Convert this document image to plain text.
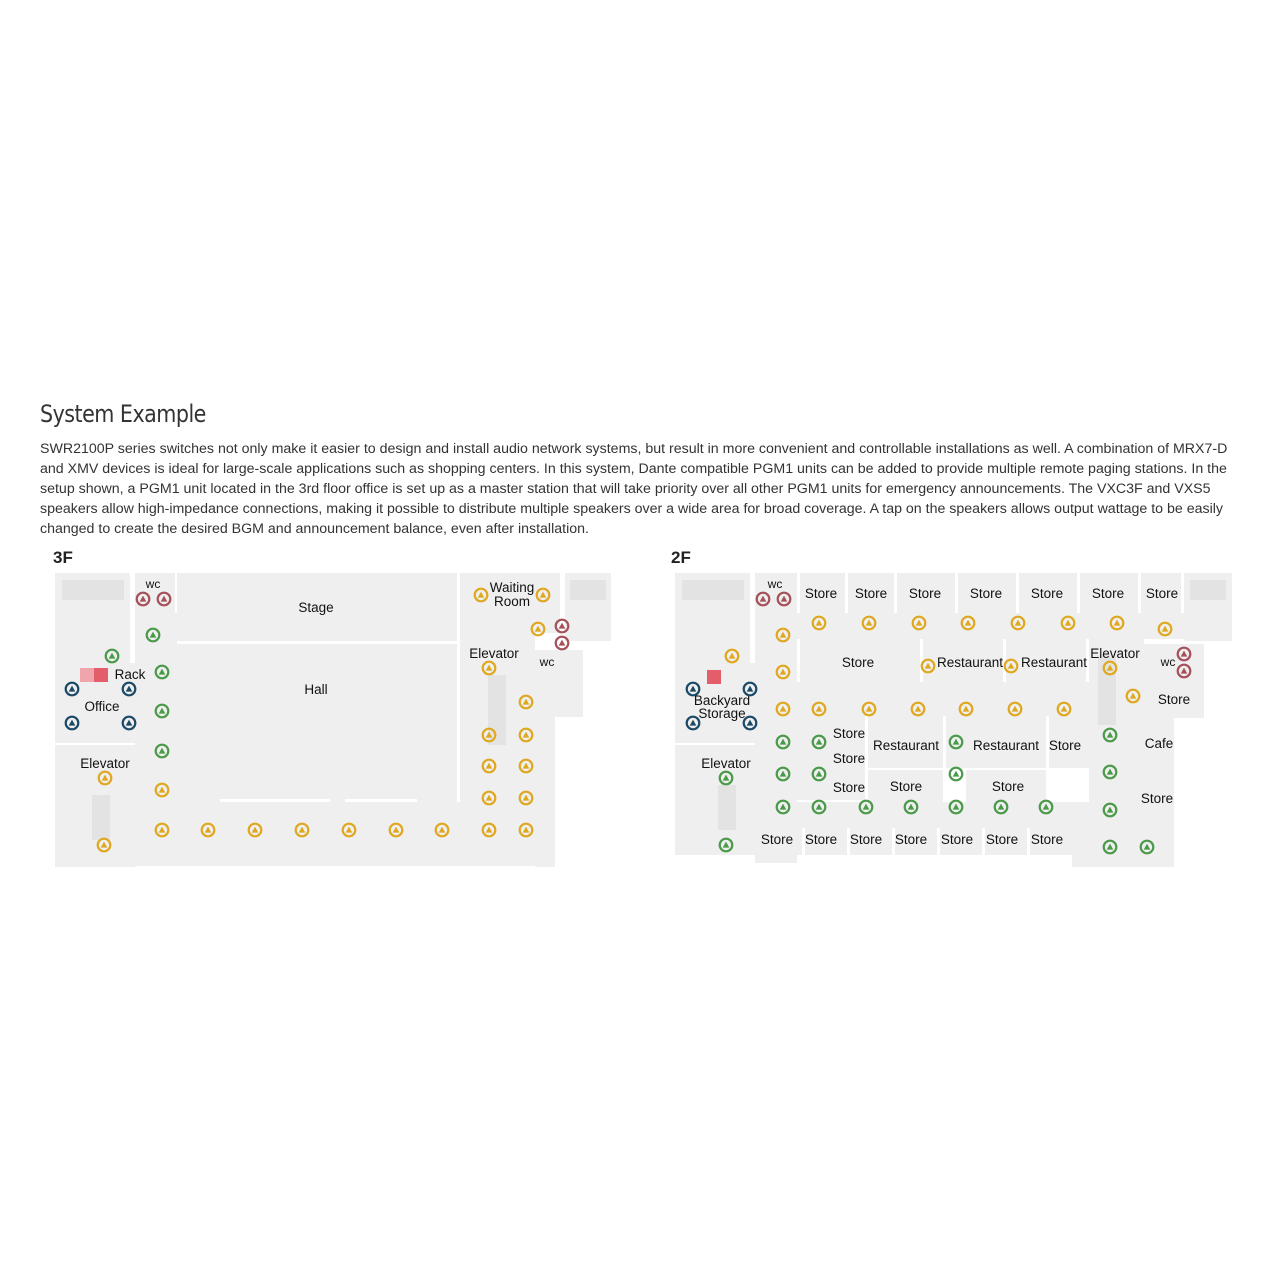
System Example

SWR2100P series switches not only make it easier to design and install audio network systems, but result in more convenient and controllable installations as well. A combination of MRX7-D and XMV devices is ideal for large-scale applications such as shopping centers. In this system, Dante compatible PGM1 units can be added to provide multiple remote paging stations. In the setup shown, a PGM1 unit located in the 3rd floor office is set up as a master station that will take priority over all other PGM1 units for emergency announcements. The VXC3F and VXS5 speakers allow high-impedance connections, making it possible to distribute multiple speakers over a wide area for broad coverage. A tap on the speakers allows output wattage to be easily changed to create the desired BGM and announcement balance, even after installation.

3F
wc
Stage
Waiting
Room
Elevator
wc
Rack
Hall
Office
Elevator
2F
wc
Store Store Store Store Store Store Store
Store	Restaurant Restaurant
Elevator
wc
Store
Backyard
Storage
Store
Restaurant	Restaurant Store	Cafe
Store
Elevator
Store Store	Store
Store
Store Store Store Store Store Store Store
